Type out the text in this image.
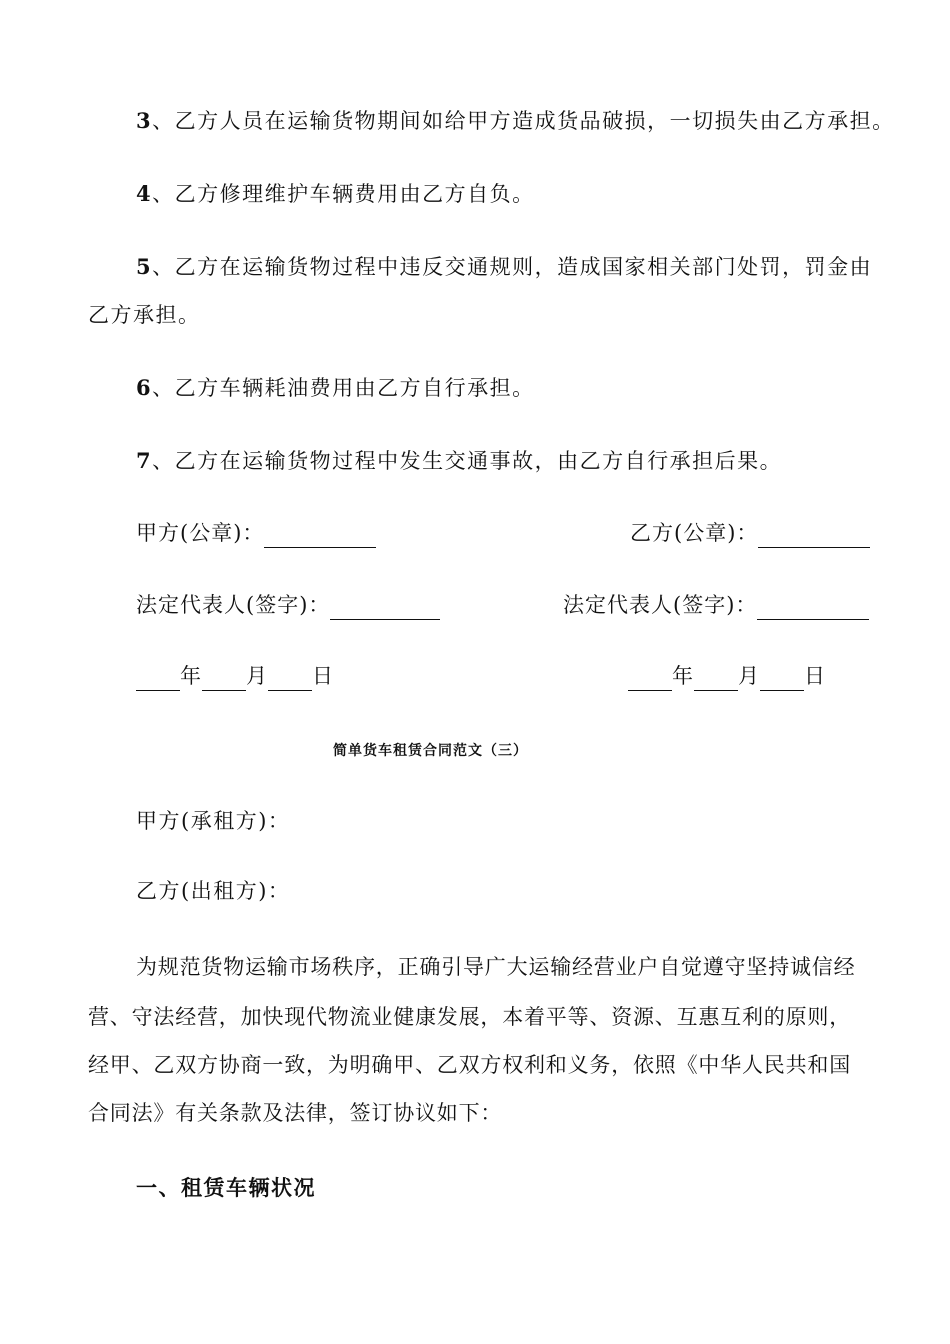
3、乙方人员在运输货物期间如给甲方造成货品破损，一切损失由乙方承担。
4、乙方修理维护车辆费用由乙方自负。
5、乙方在运输货物过程中违反交通规则，造成国家相关部门处罚，罚金由
乙方承担。
6、乙方车辆耗油费用由乙方自行承担。
7、乙方在运输货物过程中发生交通事故，由乙方自行承担后果。
甲方(公章)：	乙方(公章)：
法定代表人(签字)：	法定代表人(签字)：
年 月 日	年 月 日
简单货车租赁合同范文（三）
甲方(承租方)：
乙方(出租方)：
为规范货物运输市场秩序，正确引导广大运输经营业户自觉遵守坚持诚信经
营、守法经营，加快现代物流业健康发展，本着平等、资源、互惠互利的原则，
经甲、乙双方协商一致，为明确甲、乙双方权利和义务，依照《中华人民共和国
合同法》有关条款及法律，签订协议如下：
一、租赁车辆状况
